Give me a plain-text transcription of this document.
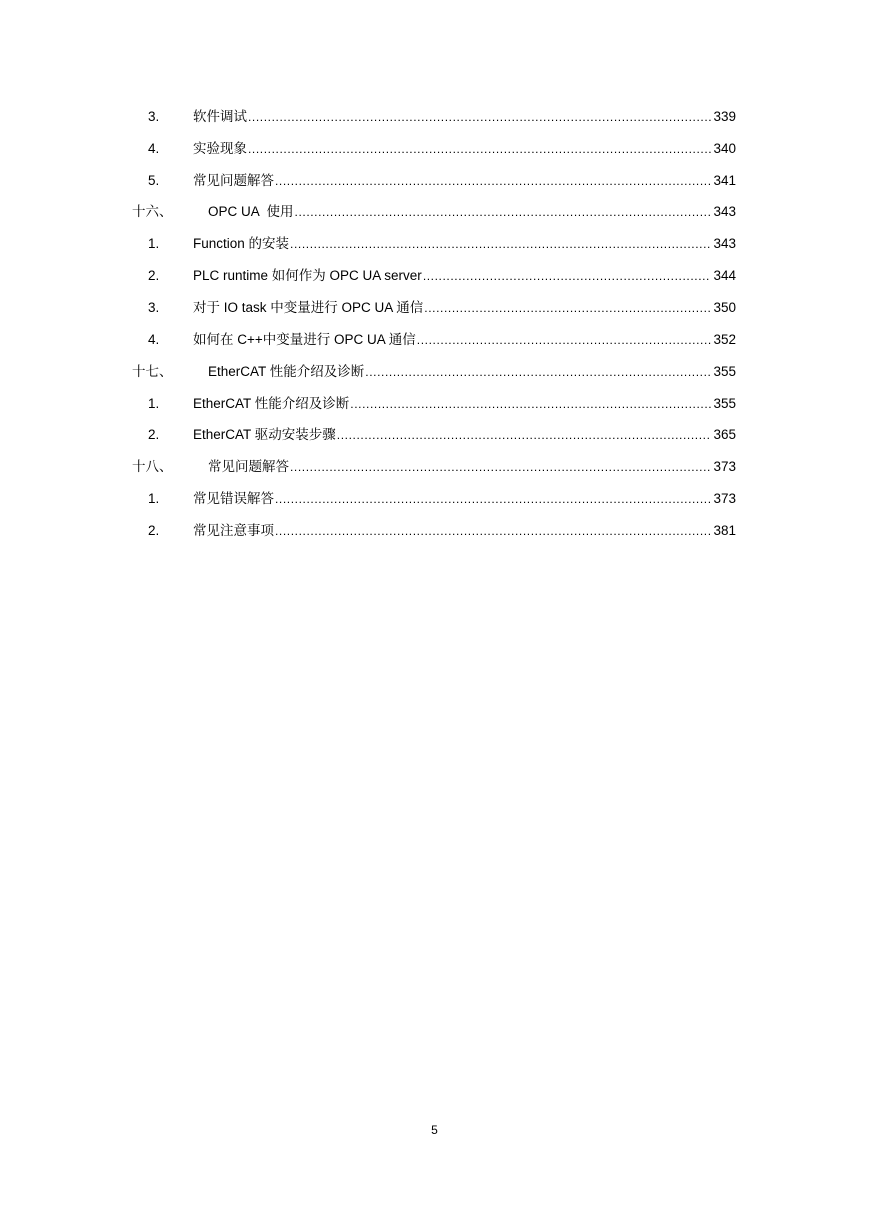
3. 软件调试 .....	339
4. 实验现象 .....	340
5. 常见问题解答 .....	341
十六、	OPC UA  使用 .....	343
1. Function 的安装 .....	343
2. PLC runtime 如何作为 OPC UA server .....	344
3. 对于 IO task 中变量进行 OPC UA 通信 .....	350
4. 如何在 C++中变量进行 OPC UA 通信 .....	352
十七、	EtherCAT 性能介绍及诊断 .....	355
1. EtherCAT 性能介绍及诊断 .....	355
2. EtherCAT 驱动安装步骤 .....	365
十八、	常见问题解答 .....	373
1. 常见错误解答 .....	373
2. 常见注意事项 .....	381
5
